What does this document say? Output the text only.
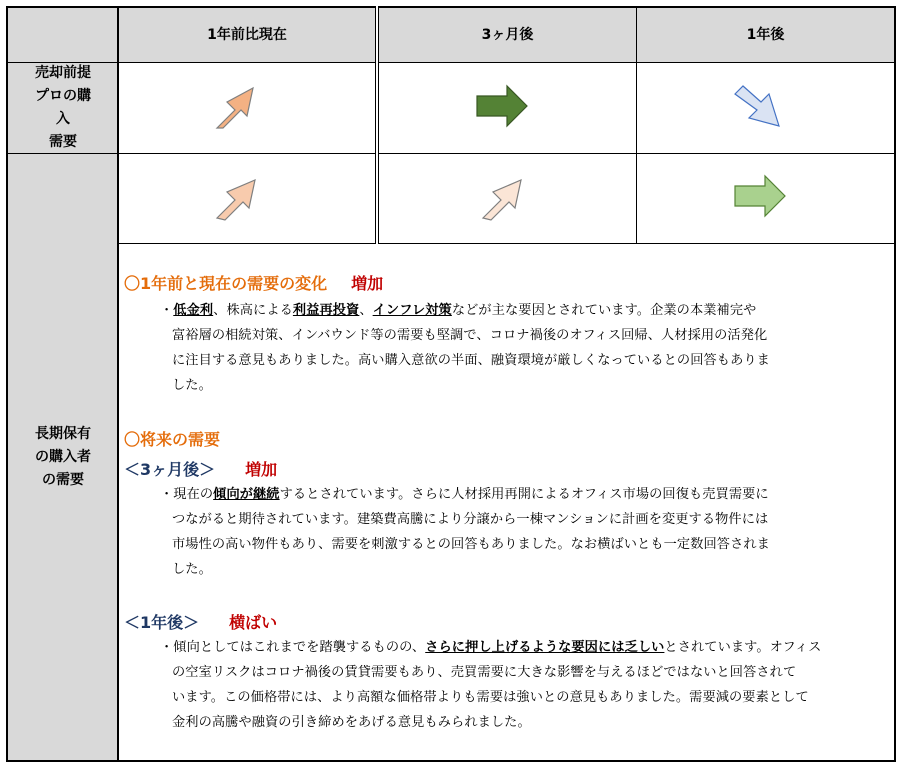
1年前比現在	3ヶ月後	1年後
売却前提
プロの購入
需要
長期保有
の購入者
の需要
〇1年前と現在の需要の変化 増加
・低金利、株高による利益再投資、インフレ対策などが主な要因とされています。企業の本業補完や
富裕層の相続対策、インバウンド等の需要も堅調で、コロナ禍後のオフィス回帰、人材採用の活発化
に注目する意見もありました。高い購入意欲の半面、融資環境が厳しくなっているとの回答もありま
した。
〇将来の需要
＜3ヶ月後＞ 増加
・現在の傾向が継続するとされています。さらに人材採用再開によるオフィス市場の回復も売買需要に
つながると期待されています。建築費高騰により分譲から一棟マンションに計画を変更する物件には
市場性の高い物件もあり、需要を刺激するとの回答もありました。なお横ばいとも一定数回答されま
した。
＜1年後＞ 横ばい
・傾向としてはこれまでを踏襲するものの、さらに押し上げるような要因には乏しいとされています。オフィス
の空室リスクはコロナ禍後の賃貸需要もあり、売買需要に大きな影響を与えるほどではないと回答されて
います。この価格帯には、より高額な価格帯よりも需要は強いとの意見もありました。需要減の要素として
金利の高騰や融資の引き締めをあげる意見もみられました。
